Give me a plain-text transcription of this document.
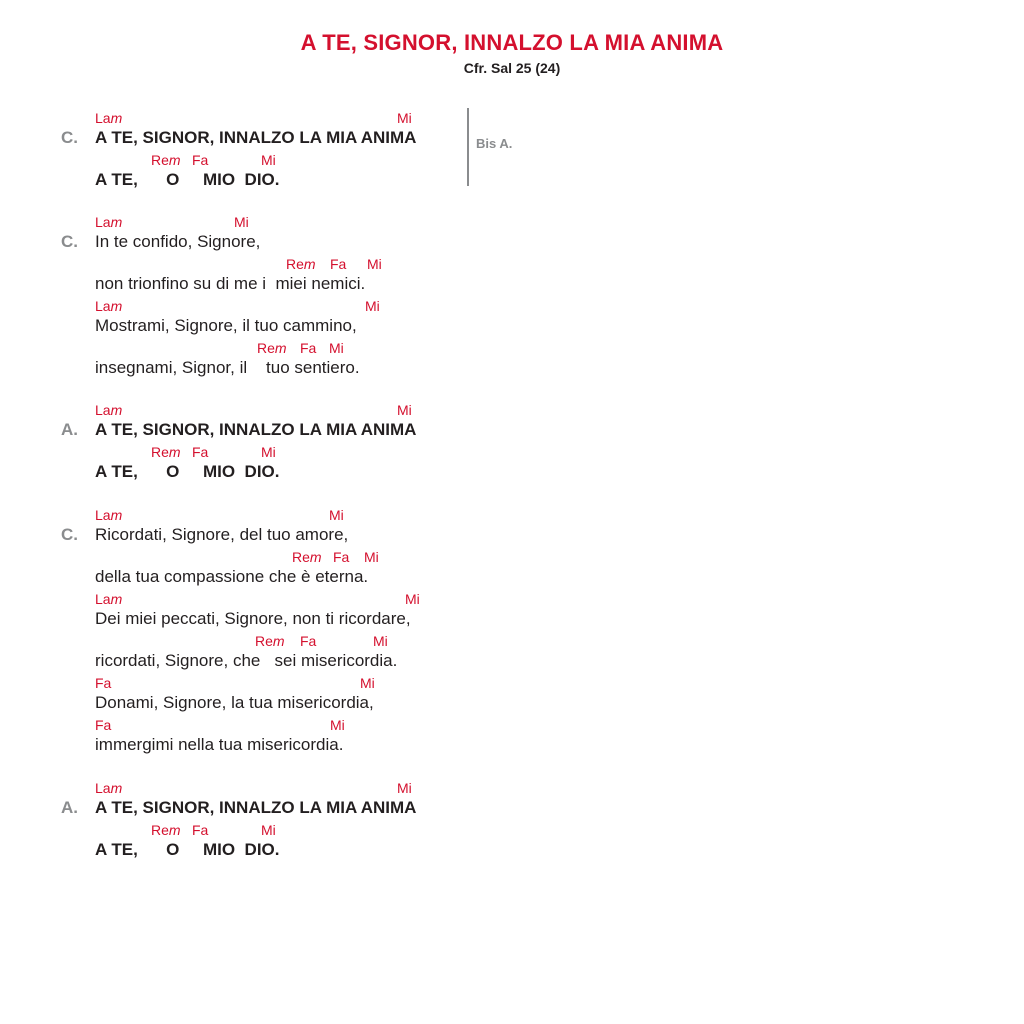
A TE, SIGNOR, INNALZO LA MIA ANIMA
Cfr. Sal 25 (24)
Bis A.
C.
Lam	Mi
A TE, SIGNOR, INNALZO LA MIA ANIMA
Rem Fa	Mi
A TE,      O     MIO  DIO.
C.
Lam	Mi
In te confido, Signore,
Rem Fa Mi
non trionfino su di me i  miei nemici.
Lam	Mi
Mostrami, Signore, il tuo cammino,
Rem Fa Mi
insegnami, Signor, il    tuo sentiero.
A.
Lam	Mi
A TE, SIGNOR, INNALZO LA MIA ANIMA
Rem Fa	Mi
A TE,      O     MIO  DIO.
C.
Lam	Mi
Ricordati, Signore, del tuo amore,
Rem Fa Mi
della tua compassione che è eterna.
Lam	Mi
Dei miei peccati, Signore, non ti ricordare,
Rem Fa	Mi
ricordati, Signore, che   sei misericordia.
Fa	Mi
Donami, Signore, la tua misericordia,
Fa	Mi
immergimi nella tua misericordia.
A.
Lam	Mi
A TE, SIGNOR, INNALZO LA MIA ANIMA
Rem Fa	Mi
A TE,      O     MIO  DIO.
